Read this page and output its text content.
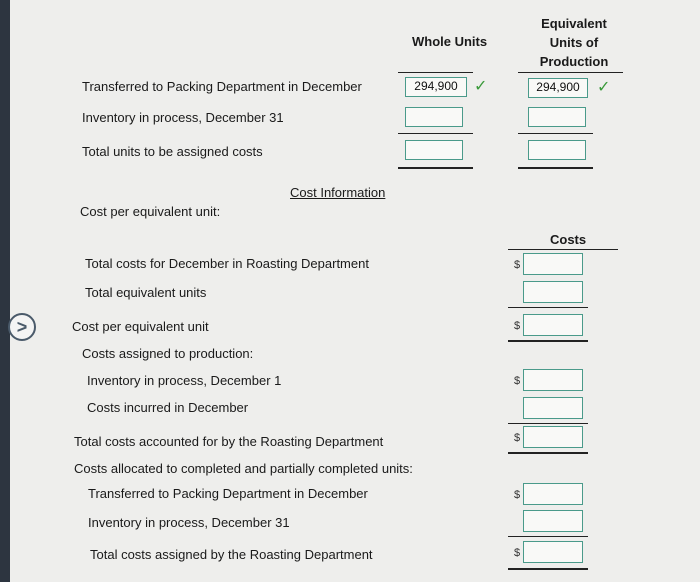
>
Whole Units
Equivalent
Units of
Production
Transferred to Packing Department in December	294,900	✓	294,900	✓
Inventory in process, December 31
Total units to be assigned costs
Cost Information
Cost per equivalent unit:
Costs
Total costs for December in Roasting Department	$
Total equivalent units
Cost per equivalent unit	$
Costs assigned to production:
Inventory in process, December 1	$
Costs incurred in December
Total costs accounted for by the Roasting Department	$
Costs allocated to completed and partially completed units:
Transferred to Packing Department in December	$
Inventory in process, December 31
Total costs assigned by the Roasting Department	$
